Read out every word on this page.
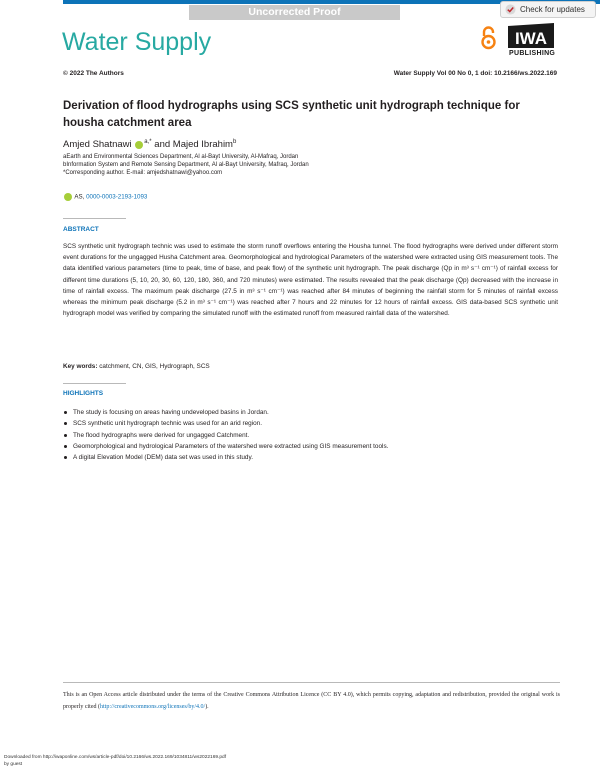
Uncorrected Proof	Check for updates
Water Supply	IWA
PUBLISHING
© 2022 The Authors	Water Supply Vol 00 No 0, 1 doi: 10.2166/ws.2022.169
Derivation of flood hydrographs using SCS synthetic unit hydrograph technique for housha catchment area
Amjed Shatnawi $^{a,*}$ and Majed Ibrahim$^b$
aEarth and Environmental Sciences Department, Al al-Bayt University, Al-Mafraq, Jordan
bInformation System and Remote Sensing Department, Al al-Bayt University, Mafraq, Jordan
*Corresponding author. E-mail: amjedshatnawi@yahoo.com
AS, 0000-0003-2193-1093
ABSTRACT
SCS synthetic unit hydrograph technic was used to estimate the storm runoff overflows entering the Housha tunnel. The flood hydrographs were derived under different storm event durations for the ungagged Husha Catchment area. Geomorphological and hydrological Parameters of the watershed were extracted using GIS measurement tools. The data identified various parameters (time to peak, time of base, and peak flow) of the synthetic unit hydrograph. The peak discharge (Qp in m³ s⁻¹ cm⁻¹) of rainfall excess for different time durations (5, 10, 20, 30, 60, 120, 180, 360, and 720 minutes) were estimated. The results revealed that the peak discharge (Qp) decreased with the increase in time of rainfall excess. The maximum peak discharge (27.5 in m³ s⁻¹ cm⁻¹) was reached after 84 minutes of beginning the rainfall storm for 5 minutes of rainfall excess whereas the minimum peak discharge (5.2 in m³ s⁻¹ cm⁻¹) was reached after 7 hours and 22 minutes for 12 hours of rainfall excess. GIS data-based SCS synthetic unit hydrograph model was verified by comparing the simulated runoff with the estimated runoff from measured rainfall data of the watershed.
Key words: catchment, CN, GIS, Hydrograph, SCS
HIGHLIGHTS
The study is focusing on areas having undeveloped basins in Jordan.
SCS synthetic unit hydrograph technic was used for an arid region.
The flood hydrographs were derived for ungagged Catchment.
Geomorphological and hydrological Parameters of the watershed were extracted using GIS measurement tools.
A digital Elevation Model (DEM) data set was used in this study.
This is an Open Access article distributed under the terms of the Creative Commons Attribution Licence (CC BY 4.0), which permits copying, adaptation and redistribution, provided the original work is properly cited (http://creativecommons.org/licenses/by/4.0/).
Downloaded from http://iwaponline.com/ws/article-pdf/doi/10.2166/ws.2022.169/1034811/ws2022169.pdf
by guest
